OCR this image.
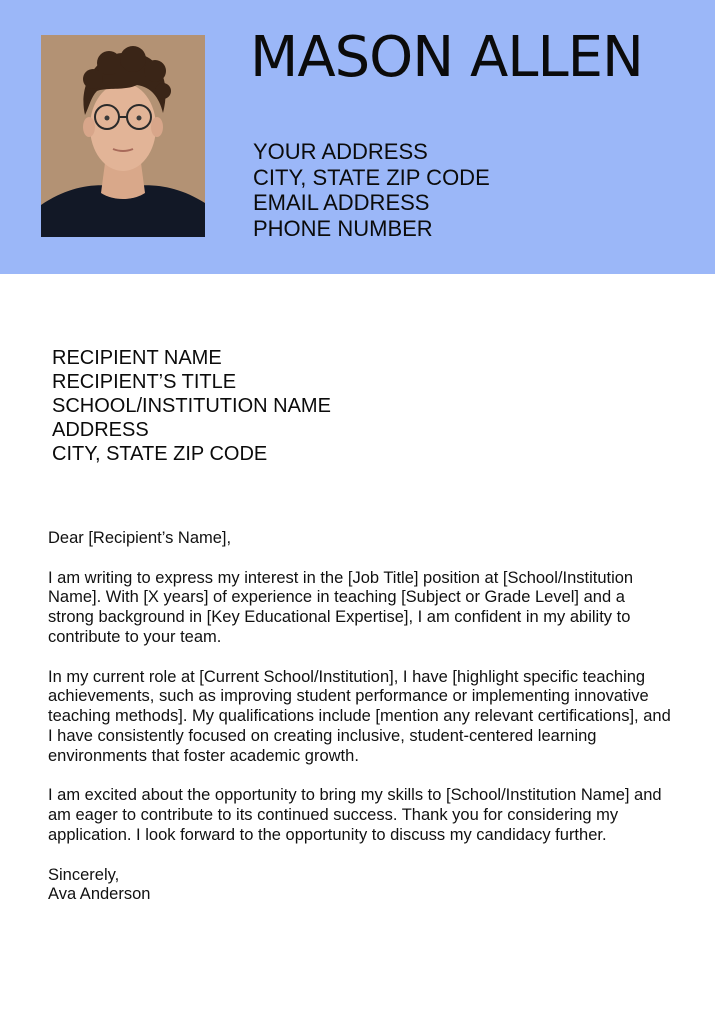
MASON ALLEN
YOUR ADDRESS
CITY, STATE ZIP CODE
EMAIL ADDRESS
PHONE NUMBER
RECIPIENT NAME
RECIPIENT’S TITLE
SCHOOL/INSTITUTION NAME
ADDRESS
CITY, STATE ZIP CODE

Dear [Recipient’s Name],

I am writing to express my interest in the [Job Title] position at [School/Institution Name]. With [X years] of experience in teaching [Subject or Grade Level] and a strong background in [Key Educational Expertise], I am confident in my ability to contribute to your team.

In my current role at [Current School/Institution], I have [highlight specific teaching achievements, such as improving student performance or implementing innovative teaching methods]. My qualifications include [mention any relevant certifications], and I have consistently focused on creating inclusive, student-centered learning environments that foster academic growth.

I am excited about the opportunity to bring my skills to [School/Institution Name] and am eager to contribute to its continued success. Thank you for considering my application. I look forward to the opportunity to discuss my candidacy further.

Sincerely,
Ava Anderson
